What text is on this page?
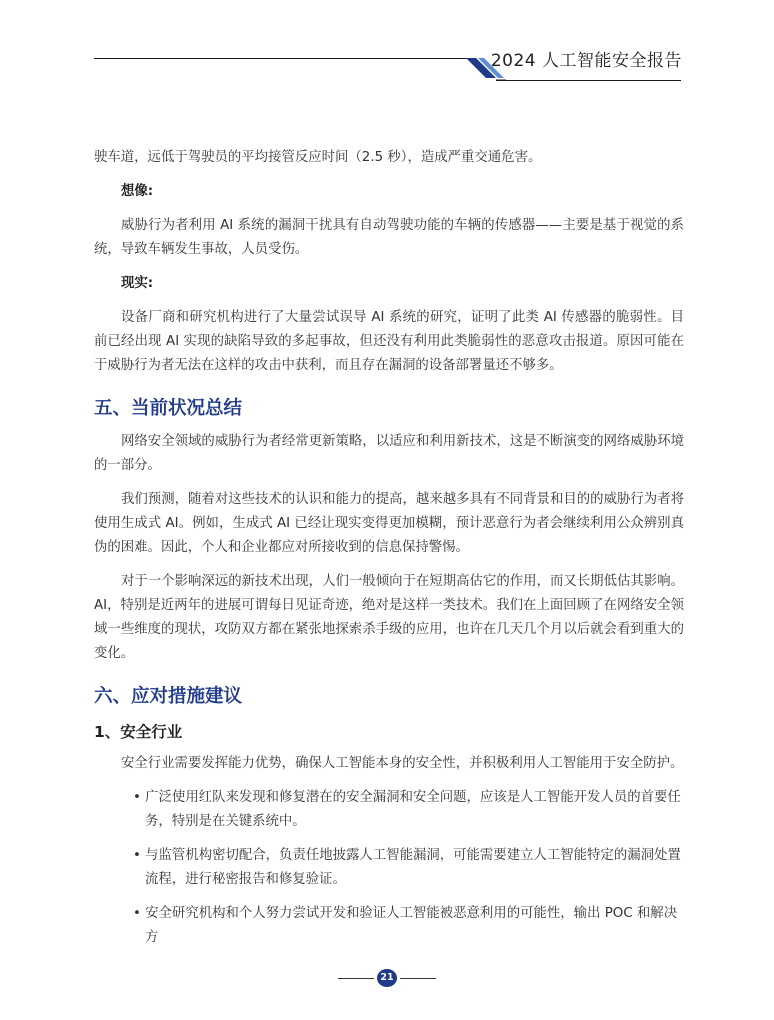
2024 人工智能安全报告

驶车道，远低于驾驶员的平均接管反应时间（2.5 秒），造成严重交通危害。

想像:

威胁行为者利用 AI 系统的漏洞干扰具有自动驾驶功能的车辆的传感器——主要是基于视觉的系统，导致车辆发生事故，人员受伤。

现实:

设备厂商和研究机构进行了大量尝试误导 AI 系统的研究，证明了此类 AI 传感器的脆弱性。目前已经出现 AI 实现的缺陷导致的多起事故，但还没有利用此类脆弱性的恶意攻击报道。原因可能在于威胁行为者无法在这样的攻击中获利，而且存在漏洞的设备部署量还不够多。

五、当前状况总结

网络安全领域的威胁行为者经常更新策略，以适应和利用新技术，这是不断演变的网络威胁环境的一部分。

我们预测，随着对这些技术的认识和能力的提高，越来越多具有不同背景和目的的威胁行为者将使用生成式 AI。例如，生成式 AI 已经让现实变得更加模糊，预计恶意行为者会继续利用公众辨别真伪的困难。因此，个人和企业都应对所接收到的信息保持警惕。

对于一个影响深远的新技术出现，人们一般倾向于在短期高估它的作用，而又长期低估其影响。AI，特别是近两年的进展可谓每日见证奇迹，绝对是这样一类技术。我们在上面回顾了在网络安全领域一些维度的现状，攻防双方都在紧张地探索杀手级的应用，也许在几天几个月以后就会看到重大的变化。

六、应对措施建议
1、安全行业

安全行业需要发挥能力优势，确保人工智能本身的安全性，并积极利用人工智能用于安全防护。

• 广泛使用红队来发现和修复潜在的安全漏洞和安全问题，应该是人工智能开发人员的首要任务，特别是在关键系统中。
• 与监管机构密切配合，负责任地披露人工智能漏洞，可能需要建立人工智能特定的漏洞处置流程，进行秘密报告和修复验证。
• 安全研究机构和个人努力尝试开发和验证人工智能被恶意利用的可能性，输出 POC 和解决方
21
